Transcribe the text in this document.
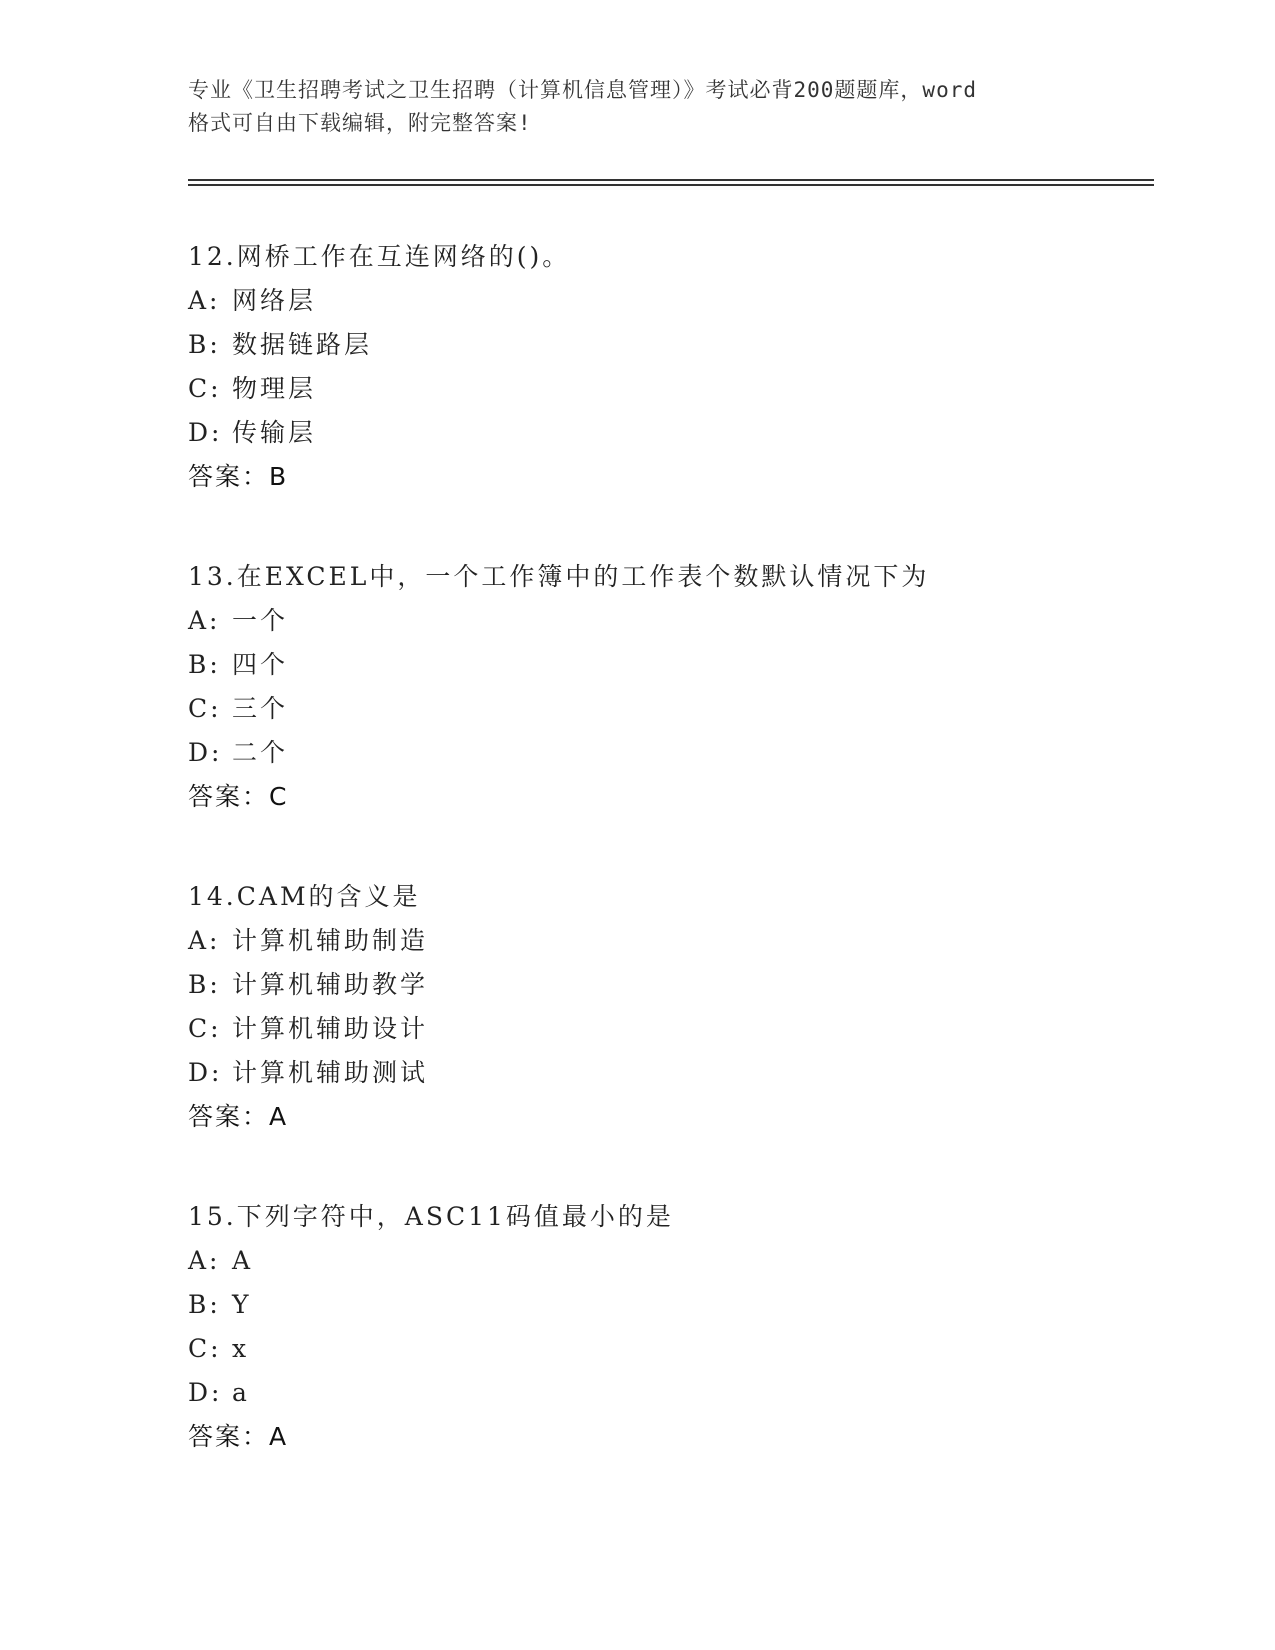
专业《卫生招聘考试之卫生招聘（计算机信息管理）》考试必背200题题库，word
格式可自由下载编辑，附完整答案!
12.网桥工作在互连网络的()。
A: 网络层
B: 数据链路层
C: 物理层
D: 传输层
答案：B
13.在EXCEL中，一个工作簿中的工作表个数默认情况下为
A: 一个
B: 四个
C: 三个
D: 二个
答案：C
14.CAM的含义是
A: 计算机辅助制造
B: 计算机辅助教学
C: 计算机辅助设计
D: 计算机辅助测试
答案：A
15.下列字符中，ASC11码值最小的是
A: A
B: Y
C: x
D: a
答案：A
